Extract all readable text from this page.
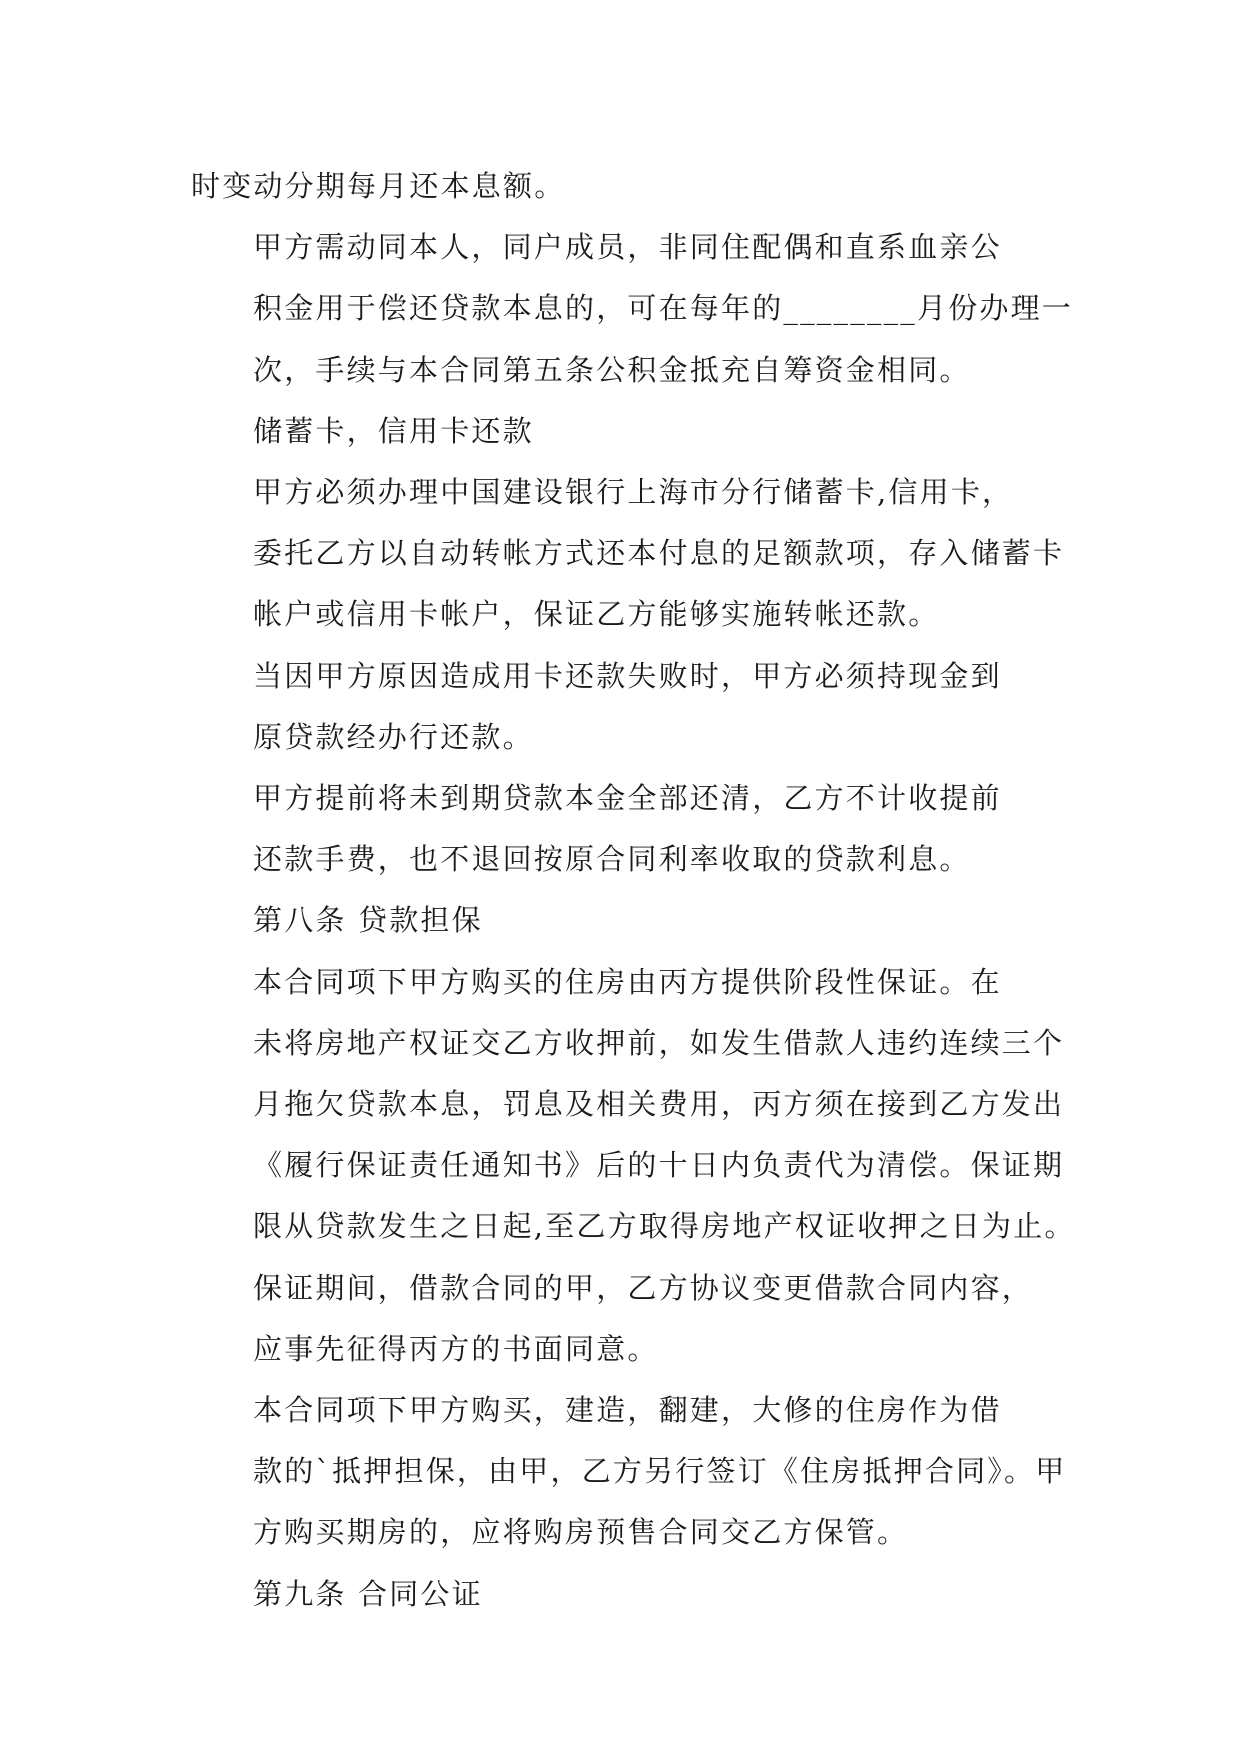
时变动分期每月还本息额。
甲方需动同本人，同户成员，非同住配偶和直系血亲公
积金用于偿还贷款本息的，可在每年的________月份办理一
次，手续与本合同第五条公积金抵充自筹资金相同。
储蓄卡，信用卡还款
甲方必须办理中国建设银行上海市分行储蓄卡,信用卡，
委托乙方以自动转帐方式还本付息的足额款项，存入储蓄卡
帐户或信用卡帐户，保证乙方能够实施转帐还款。
当因甲方原因造成用卡还款失败时，甲方必须持现金到
原贷款经办行还款。
甲方提前将未到期贷款本金全部还清，乙方不计收提前
还款手费，也不退回按原合同利率收取的贷款利息。
第八条 贷款担保
本合同项下甲方购买的住房由丙方提供阶段性保证。在
未将房地产权证交乙方收押前，如发生借款人违约连续三个
月拖欠贷款本息，罚息及相关费用，丙方须在接到乙方发出
《履行保证责任通知书》后的十日内负责代为清偿。保证期
限从贷款发生之日起,至乙方取得房地产权证收押之日为止。
保证期间，借款合同的甲，乙方协议变更借款合同内容，
应事先征得丙方的书面同意。
本合同项下甲方购买，建造，翻建，大修的住房作为借
款的`抵押担保，由甲，乙方另行签订《住房抵押合同》。甲
方购买期房的，应将购房预售合同交乙方保管。
第九条 合同公证
